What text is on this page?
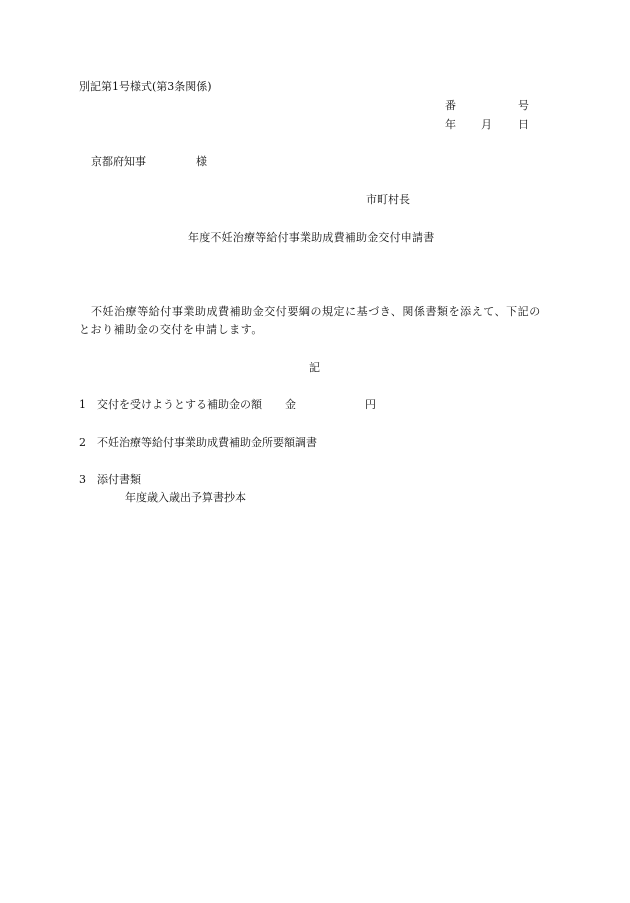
別記第1号様式(第3条関係)
番	号
年 月 日
京都府知事	様
市町村長
年度不妊治療等給付事業助成費補助金交付申請書
不妊治療等給付事業助成費補助金交付要綱の規定に基づき、関係書類を添えて、下記の
とおり補助金の交付を申請します。
記
1 交付を受けようとする補助金の額 金	円
2 不妊治療等給付事業助成費補助金所要額調書
3 添付書類
年度歳入歳出予算書抄本
